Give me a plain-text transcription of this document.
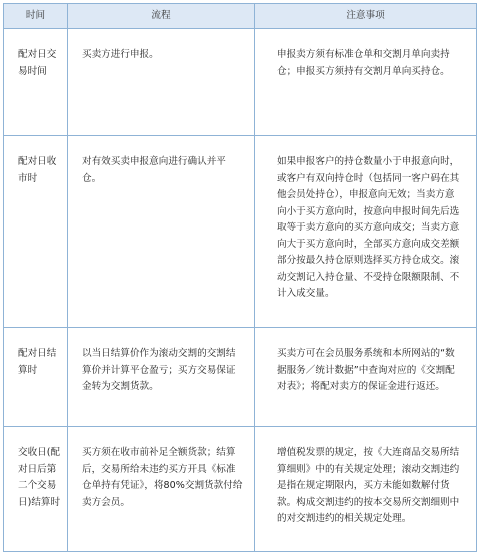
时间	流程	注意事项
配对日交易时间	买卖方进行申报。	申报卖方须有标准仓单和交割月单向卖持仓；申报买方须持有交割月单向买持仓。
配对日收市时	对有效买卖申报意向进行确认并平仓。	如果申报客户的持仓数量小于申报意向时，或客户有双向持仓时（包括同一客户码在其他会员处持仓），申报意向无效；当卖方意向小于买方意向时，按意向申报时间先后选取等于卖方意向的买方意向成交；当卖方意向大于买方意向时，全部买方意向成交差额部分按最久持仓原则选择买方持仓成交。滚动交割记入持仓量、不受持仓限额限制、不计入成交量。
配对日结算时	以当日结算价作为滚动交割的交割结算价并计算平仓盈亏；买方交易保证金转为交割货款。	买卖方可在会员服务系统和本所网站的“数据服务／统计数据”中查询对应的《交割配对表》；将配对卖方的保证金进行返还。
交收日(配对日后第二个交易日)结算时	买方须在收市前补足全额货款；结算后，交易所给未违约买方开具《标准仓单持有凭证》，将80%交割货款付给卖方会员。	增值税发票的规定，按《大连商品交易所结算细则》中的有关规定处理；滚动交割违约是指在规定期限内，买方未能如数解付货款。构成交割违约的按本交易所交割细则中的对交割违约的相关规定处理。
